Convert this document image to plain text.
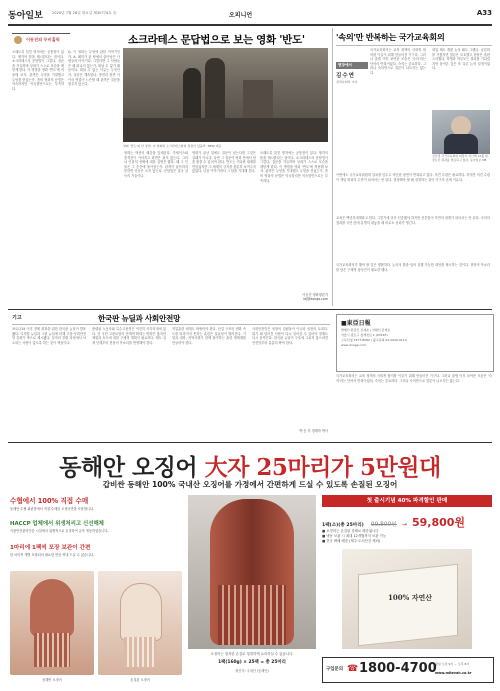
동아일보	2020년 7월 28일 화요일 제30774호 ⓑ	오피니언	A33
이동진의 무비홀릭	소크라테스 문답법으로 보는 영화 '반도'
영화 '반도'의 한 장면. 이 영화와 소크라테스와의 접점이 있을까. NEW 제공

오래도록 읽힌 명저에는 공통점이 있다. 생각의 틀을 제시한다는 점이다. 소크라테스의 문답법이 그렇다. 질문을 거듭하며 상대가 스스로 모순을 깨닫게 한다. 이 방법을 영화 '반도'에 적용해 보자. 관객은 무엇을 기대했고 무엇을 얻었는가. 좀비 영화의 문법은 익숙하지만 익숙함만으로는 부족하다.

Q. 이 영화는 무엇에 관한 이야기인가. A. 폐허가 된 땅에서 살아남은 사람들의 이야기다. 그렇다면 그 사람들은 왜 떠나지 않는가. 떠날 수 없기 때문이다. 떠날 수 없는 이유는 무엇인가. 질문은 계속된다. 장면과 장면 사이의 연결이 느슨할 때 관객은 질문을 멈추지 않는다.

영화는 액션의 쾌감을 앞세운다. 카체이스와 총격전이 이어지고 화면은 쉬지 않는다. 그러나 인물의 선택에 대한 설명은 짧다. 왜 그 인물은 그 순간에 돌아섰는가. 관객이 납득하지 못하면 감동은 오지 않는다. 문답법은 결국 설득의 기술이다.

영화가 끝난 뒤에도 질문이 남는다면 그것은 실패가 아니다. 다만 그 질문이 영화 안에서 답을 찾을 수 있어야 한다. 반도는 커다란 세계를 만들었지만 그 세계의 규칙을 충분히 보여주지 않았다. 다음 이야기에서 그 답을 기대해 본다.

오래도록 읽힌 명저에는 공통점이 있다. 생각의 틀을 제시한다는 점이다. 소크라테스의 문답법이 그렇다. 질문을 거듭하며 상대가 스스로 모순을 깨닫게 한다. 이 방법을 영화 '반도'에 적용해 보자. 관객은 무엇을 기대했고 무엇을 얻었는가. 좀비 영화의 문법은 익숙하지만 익숙함만으로는 부족하다.

이동진 영화평론가
ldj@donga.com
'속의'만 반복하는 국가교육회의
현장에서
김수연
정책사회부 기자

국가교육회의는 교육 정책의 사회적 합의를 이끌기 위해 만들어진 기구다. 그러나 출범 이후 보여준 모습은 '숙의'라는 단어의 반복이었다. 숙의는 중요하다. 그러나 숙의만으로 결론이 나오지는 않는다.

대입 제도 개편 논의 때도 그랬다. 공론화를 거쳤지만 결론은 모호했고 현장은 혼란스러웠다. 학생과 학부모는 결과를 기다렸지만 돌아온 것은 또 다른 논의 일정이었다.

김진경 국가교육회의 의장이 지난해 12월 현장토론 결과를 발표하고 있다. 동아일보 DB

이번에도 국가교육위원회 설치를 앞두고 비슷한 장면이 반복되고 있다. 의견 수렴은 필요하다. 하지만 의견 수렴이 책임 회피의 수단이 되어서는 안 된다. 결정해야 할 때 결정하는 것이 기구의 존재 이유다.

교육은 백년지대계라고 한다. 그렇기에 더욱 신중해야 하지만 신중함이 지연의 핑계가 되어서는 안 된다. 숙의의 결과를 국민 앞에 분명히 내놓을 때 비로소 신뢰가 생긴다.

국가교육회의가 해야 할 일은 명확하다. 논의의 틀을 넘어 실행 가능한 대안을 제시하는 것이다. 현장의 목소리를 담은 구체적 청사진이 필요한 때다.

기고	한국판 뉴딜과 사회안전망

코로나19 이후 경제 회복을 위한 한국판 뉴딜이 발표됐다. 디지털 뉴딜과 그린 뉴딜에 더해 고용·사회안전망 강화가 축으로 제시됐다. 일자리 전환 과정에서 낙오되는 사람이 없도록 하는 것이 핵심이다.

플랫폼 노동자와 특수고용직은 여전히 사각지대에 있다. 전 국민 고용보험의 단계적 확대는 방향은 옳지만 재원과 속도에 대한 구체적 계획이 필요하다. 제도 설계 단계부터 현장의 목소리를 반영해야 한다.

직업훈련 체계도 바뀌어야 한다. 산업 구조의 변화 속도를 따라가지 못하는 훈련은 실효성이 떨어진다. 기업과 대학, 지역사회가 함께 참여하는 훈련 생태계를 만들어야 한다.

사회안전망은 성장의 걸림돌이 아니라 성장의 토대다. 위기 때 넘어진 사람이 다시 일어설 수 있어야 경제도 다시 움직인다. 한국판 뉴딜이 구호에 그치지 않으려면 안전망부터 촘촘히 짜야 한다.

박 승 후 경제학 박사
■東亞日報
발행인·편집인 김재호 | 인쇄인 김재호
서울시 종로구 청계천로 1 (03187)
구독신청 1577-8282 | 광고문의 02-2020-0114
www.donga.com

국가교육회의는 교육 정책의 사회적 합의를 이끌기 위해 만들어진 기구다. 그러나 출범 이후 보여준 모습은 '숙의'라는 단어의 반복이었다. 숙의는 중요하다. 그러나 숙의만으로 결론이 나오지는 않는다.

동해안 오징어 大자 25마리가 5만원대
갑비싼 동해안 100% 국내산 오징어를 가정에서 간편하게 드실 수 있도록 손질된 오징어
수협에서 100% 직접 수매
동해안 수협 위판장에서 직접 수매한 오징어만을 사용합니다.
HACCP 업체에서 위생처리고 신선해체
식품안전관리인증 시설에서 위생적으로 손질하여 급속 냉동하였습니다.
1마리에 1팩씩 포장 보관이 간편
한 마리씩 개별 포장되어 필요한 만큼 꺼내 드실 수 있습니다.
동해안 오징어	손질된 오징어
오징어는 철저한 손질로 청결하게 요리하실 수 있습니다.
1팩(160g) × 25팩 = 총 25마리
원산지: 국내산 (동해안)
첫 출시기념 40% 파격할인 판매
1팩(소)(총 25마리) 99,800원 → 59,800원
■ 오징어는 손질된 상태로 배송됩니다
■ 냉동 보관 시 최대 12개월까지 보관 가능
■ 전국 택배 배송 (제주·도서산간 제외)
100% 자연산
구입문의 ☎ 1800-4700
평일 오전 9시 ~ 오후 6시
www.mitzvah.co.kr
